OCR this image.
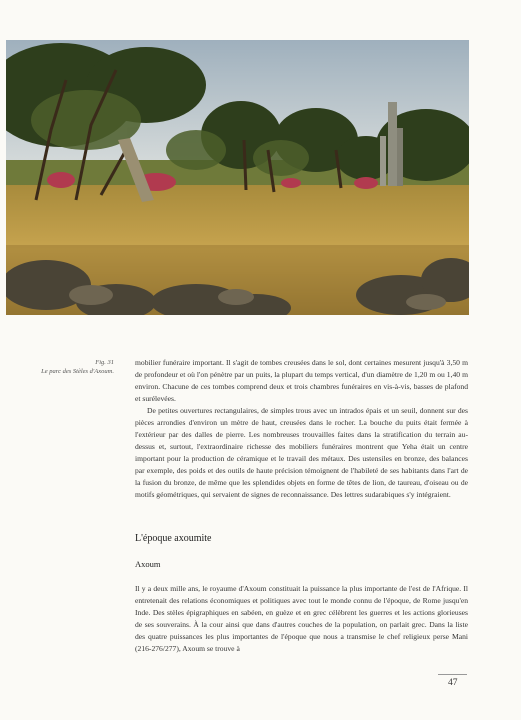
Fig. 31
Le parc des Stèles d'Axoum.

mobilier funéraire important. Il s'agit de tombes creusées dans le sol, dont certaines mesurent jusqu'à 3,50 m de profondeur et où l'on pénètre par un puits, la plupart du temps vertical, d'un diamètre de 1,20 m ou 1,40 m environ. Chacune de ces tombes comprend deux et trois chambres funéraires en vis-à-vis, basses de plafond et surélevées.

De petites ouvertures rectangulaires, de simples trous avec un intrados épais et un seuil, donnent sur des pièces arrondies d'environ un mètre de haut, creusées dans le rocher. La bouche du puits était fermée à l'extérieur par des dalles de pierre. Les nombreuses trouvailles faites dans la stratification du terrain au-dessus et, surtout, l'extraordinaire richesse des mobiliers funéraires montrent que Yeha était un centre important pour la production de céramique et le travail des métaux. Des ustensiles en bronze, des balances par exemple, des poids et des outils de haute précision témoignent de l'habileté de ses habitants dans l'art de la fusion du bronze, de même que les splendides objets en forme de têtes de lion, de taureau, d'oiseau ou de motifs géométriques, qui servaient de signes de reconnaissance. Des lettres sudarabiques s'y intégraient.

L'époque axoumite
Axoum

Il y a deux mille ans, le royaume d'Axoum constituait la puissance la plus importante de l'est de l'Afrique. Il entretenait des relations économiques et politiques avec tout le monde connu de l'époque, de Rome jusqu'en Inde. Des stèles épigraphiques en sabéen, en guèze et en grec célèbrent les guerres et les actions glorieuses de ses souverains. À la cour ainsi que dans d'autres couches de la population, on parlait grec. Dans la liste des quatre puissances les plus importantes de l'époque que nous a transmise le chef religieux perse Mani (216-276/277), Axoum se trouve à

47
